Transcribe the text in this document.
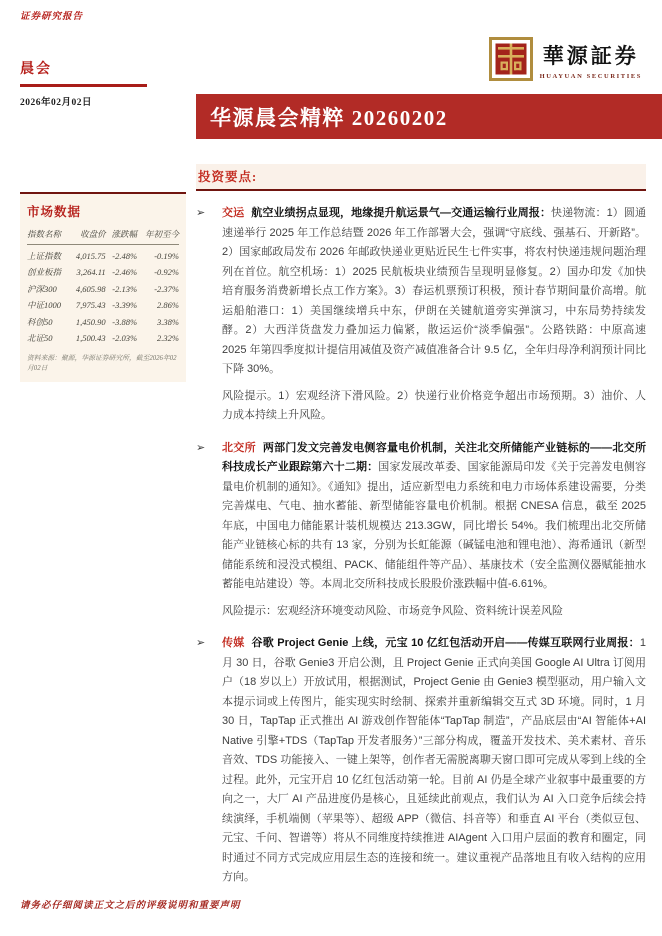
证券研究报告
晨会
2026年02月02日
华源晨会精粹 20260202
華源証券
HUAYUAN SECURITIES
市场数据
指数名称	收盘价	涨跌幅	年初至今
上证指数	4,015.75	-2.48%	-0.19%
创业板指	3,264.11	-2.46%	-0.92%
沪深300	4,605.98	-2.13%	-2.37%
中证1000	7,975.43	-3.39%	2.86%
科创50	1,450.90	-3.88%	3.38%
北证50	1,500.43	-2.03%	2.32%
资料来源：聚源，华源证券研究所，截至2026年02月02日
投资要点:
➢	交运 航空业绩拐点显现，地缘提升航运景气—交通运输行业周报：快递物流：1）圆通速递举行 2025 年工作总结暨 2026 年工作部署大会，强调“守底线、强基石、开新路”。2）国家邮政局发布 2026 年邮政快递业更贴近民生七件实事，将农村快递违规问题治理列在首位。航空机场：1）2025 民航板块业绩预告呈现明显修复。2）国办印发《加快培育服务消费新增长点工作方案》。3）春运机票预订积极，预计春节期间量价高增。航运船舶港口：1）美国继续增兵中东，伊朗在关键航道旁实弹演习，中东局势持续发酵。2）大西洋货盘发力叠加运力偏紧，散运运价“淡季偏强”。公路铁路：中原高速 2025 年第四季度拟计提信用减值及资产减值准备合计 9.5 亿，全年归母净利润预计同比下降 30%。

风险提示。1）宏观经济下滑风险。2）快递行业价格竞争超出市场预期。3）油价、人力成本持续上升风险。
➢	北交所 两部门发文完善发电侧容量电价机制，关注北交所储能产业链标的——北交所科技成长产业跟踪第六十二期：国家发展改革委、国家能源局印发《关于完善发电侧容量电价机制的通知》。《通知》提出，适应新型电力系统和电力市场体系建设需要，分类完善煤电、气电、抽水蓄能、新型储能容量电价机制。根据 CNESA 信息，截至 2025 年底，中国电力储能累计装机规模达 213.3GW，同比增长 54%。我们梳理出北交所储能产业链核心标的共有 13 家，分别为长虹能源（碱锰电池和锂电池）、海希通讯（新型储能系统和浸没式模组、PACK、储能组件等产品）、基康技术（安全监测仪器赋能抽水蓄能电站建设）等。本周北交所科技成长股股价涨跌幅中值-6.61%。

风险提示：宏观经济环境变动风险、市场竞争风险、资料统计误差风险
➢	传媒 谷歌 Project Genie 上线，元宝 10 亿红包活动开启——传媒互联网行业周报：1 月 30 日，谷歌 Genie3 开启公测，且 Project Genie 正式向美国 Google AI Ultra 订阅用户（18 岁以上）开放试用，根据测试，Project Genie 由 Genie3 模型驱动，用户输入文本提示词或上传图片，能实现实时绘制、探索并重新编辑交互式 3D 环境。同时，1 月 30 日，TapTap 正式推出 AI 游戏创作智能体“TapTap 制造”，产品底层由“AI 智能体+AI Native 引擎+TDS（TapTap 开发者服务）”三部分构成，覆盖开发技术、美术素材、音乐音效、TDS 功能接入、一键上架等，创作者无需脱离聊天窗口即可完成从零到上线的全过程。此外，元宝开启 10 亿红包活动第一轮。目前 AI 仍是全球产业叙事中最重要的方向之一，大厂 AI 产品进度仍是核心，且延续此前观点，我们认为 AI 入口竞争后续会持续演绎，手机端侧（苹果等）、超级 APP（微信、抖音等）和垂直 AI 平台（类似豆包、元宝、千问、智谱等）将从不同维度持续推进 AIAgent 入口用户层面的教育和圈定，同时通过不同方式完成应用层生态的连接和统一。建议重视产品落地且有收入结构的应用方向。

请务必仔细阅读正文之后的评级说明和重要声明
